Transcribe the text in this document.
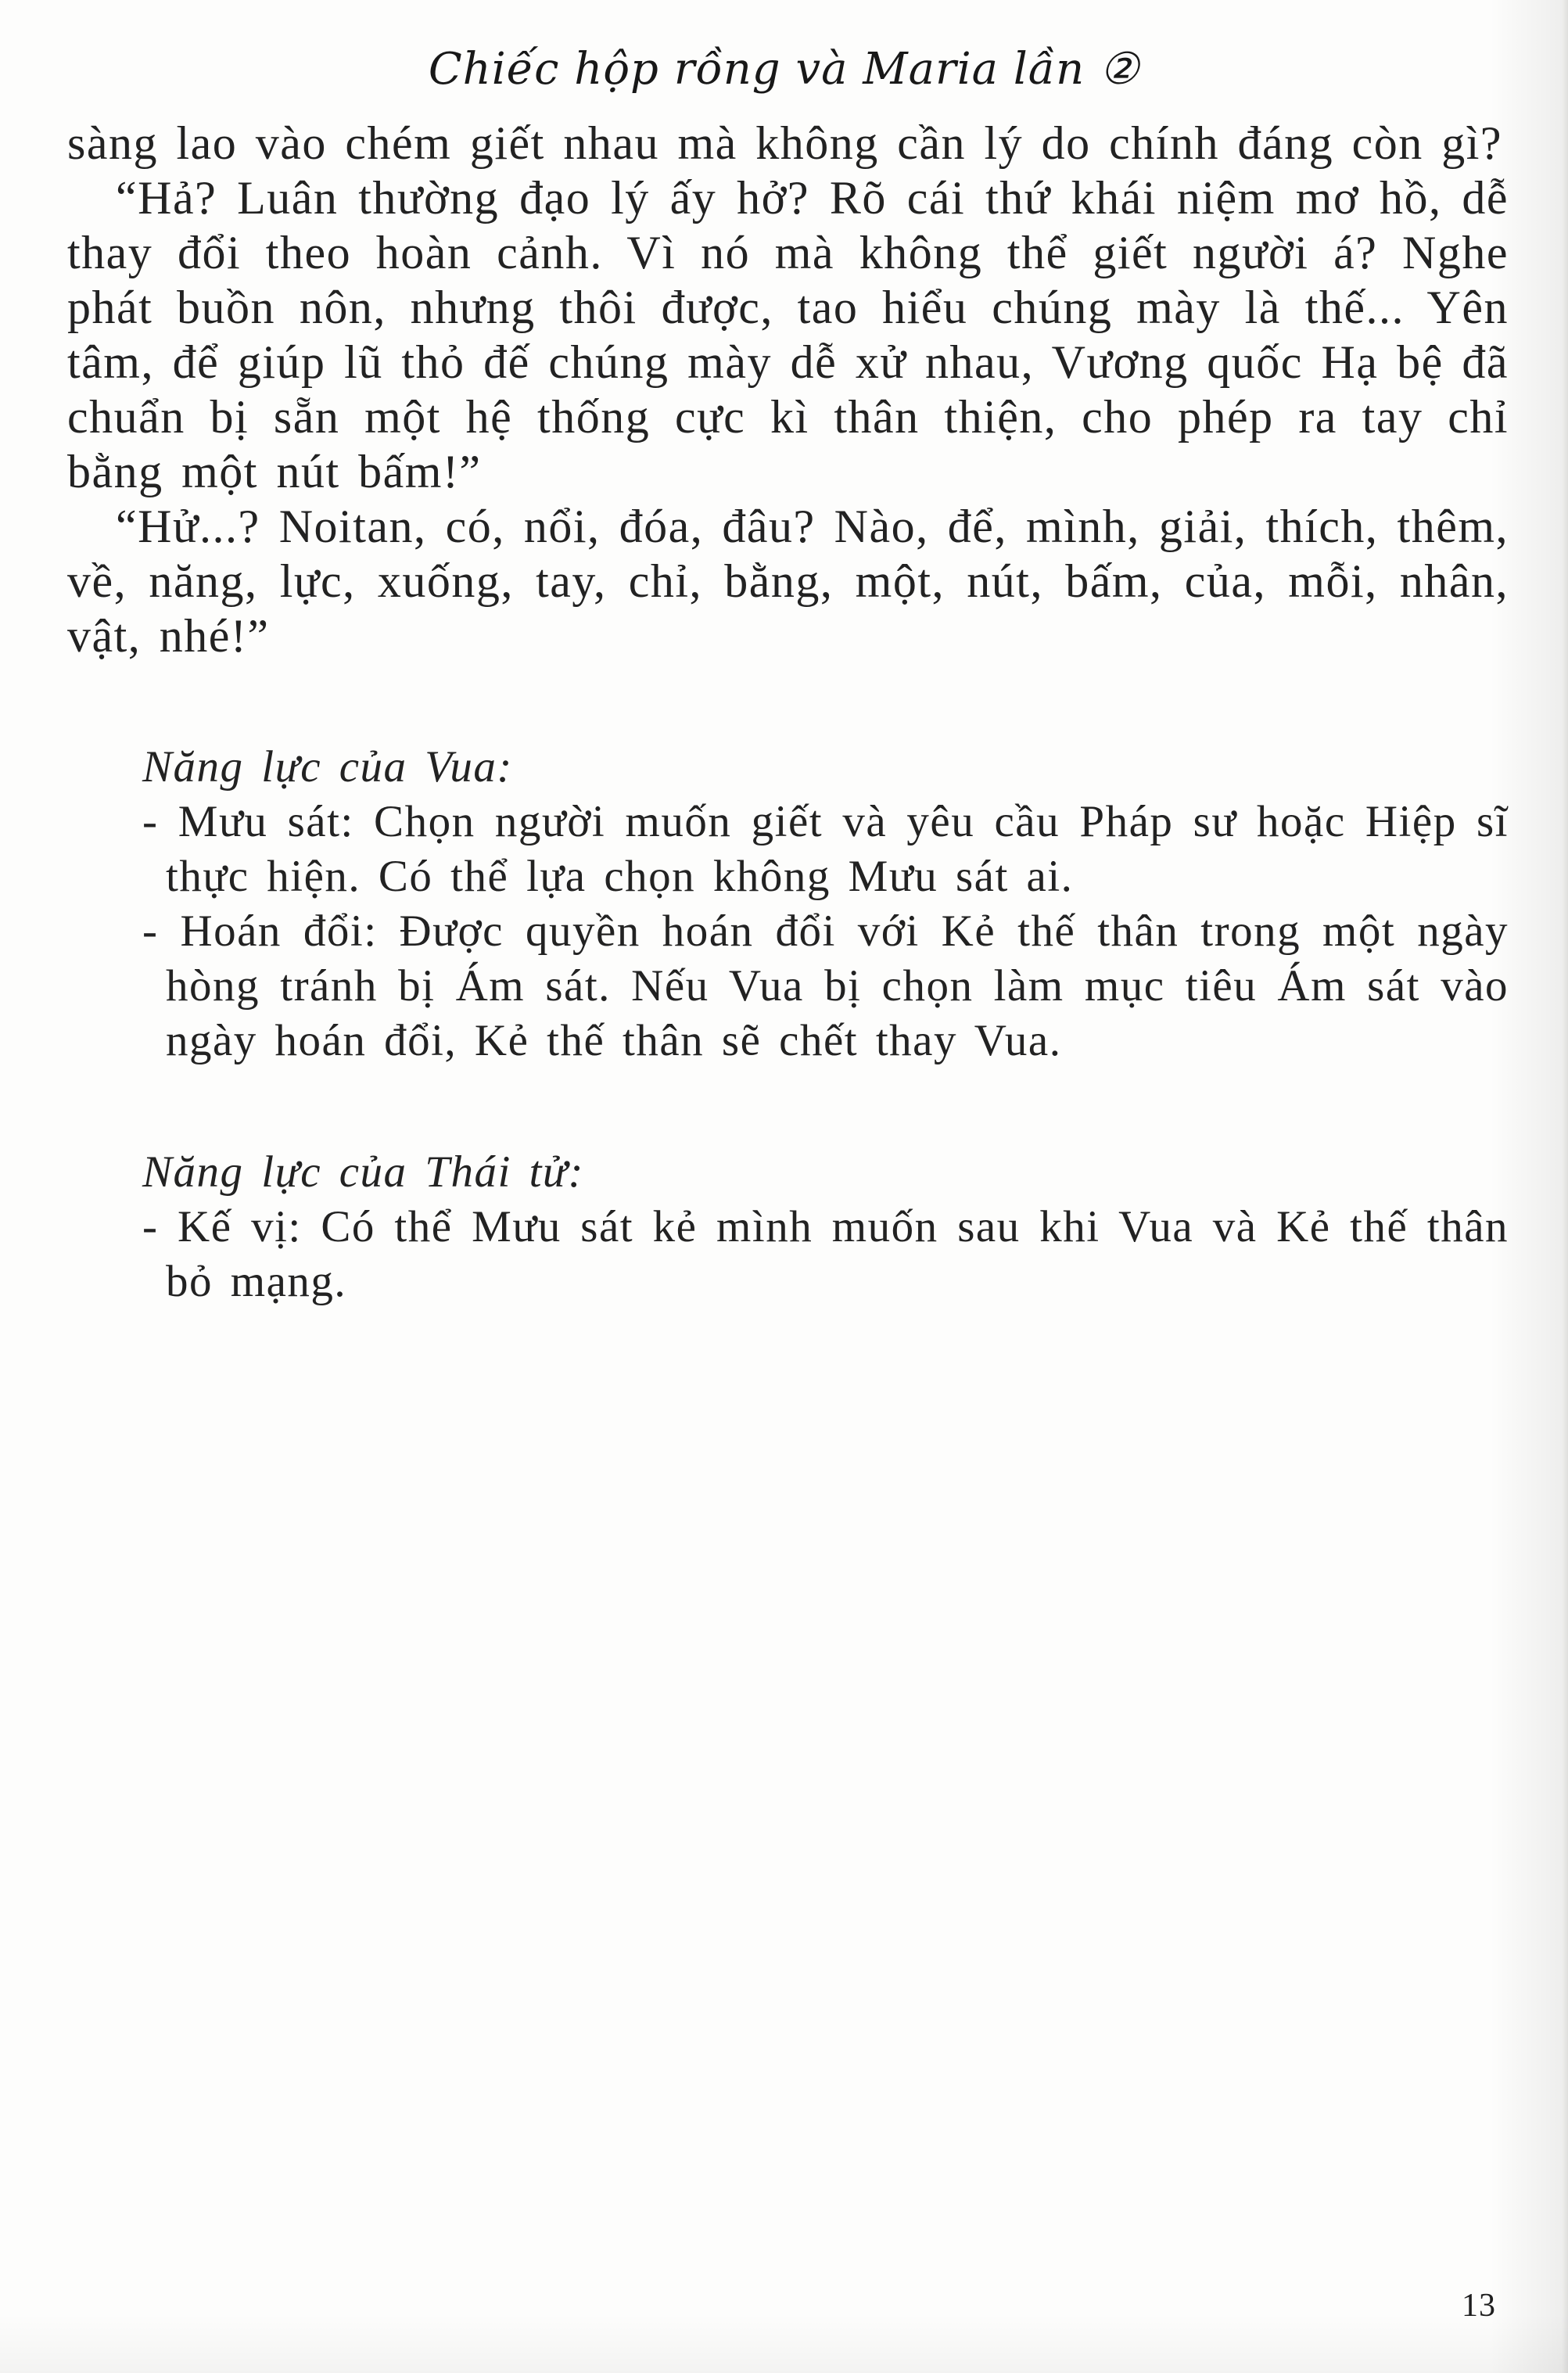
Chiếc hộp rồng và Maria lần ②

sàng lao vào chém giết nhau mà không cần lý do chính đáng còn gì?

“Hả? Luân thường đạo lý ấy hở? Rõ cái thứ khái niệm mơ hồ, dễ thay đổi theo hoàn cảnh. Vì nó mà không thể giết người á? Nghe phát buồn nôn, nhưng thôi được, tao hiểu chúng mày là thế... Yên tâm, để giúp lũ thỏ đế chúng mày dễ xử nhau, Vương quốc Hạ bệ đã chuẩn bị sẵn một hệ thống cực kì thân thiện, cho phép ra tay chỉ bằng một nút bấm!”

“Hử...? Noitan, có, nổi, đóa, đâu? Nào, để, mình, giải, thích, thêm, về, năng, lực, xuống, tay, chỉ, bằng, một, nút, bấm, của, mỗi, nhân, vật, nhé!”

Năng lực của Vua:

- Mưu sát: Chọn người muốn giết và yêu cầu Pháp sư hoặc Hiệp sĩ thực hiện. Có thể lựa chọn không Mưu sát ai.

- Hoán đổi: Được quyền hoán đổi với Kẻ thế thân trong một ngày hòng tránh bị Ám sát. Nếu Vua bị chọn làm mục tiêu Ám sát vào ngày hoán đổi, Kẻ thế thân sẽ chết thay Vua.

Năng lực của Thái tử:

- Kế vị: Có thể Mưu sát kẻ mình muốn sau khi Vua và Kẻ thế thân bỏ mạng.

13
